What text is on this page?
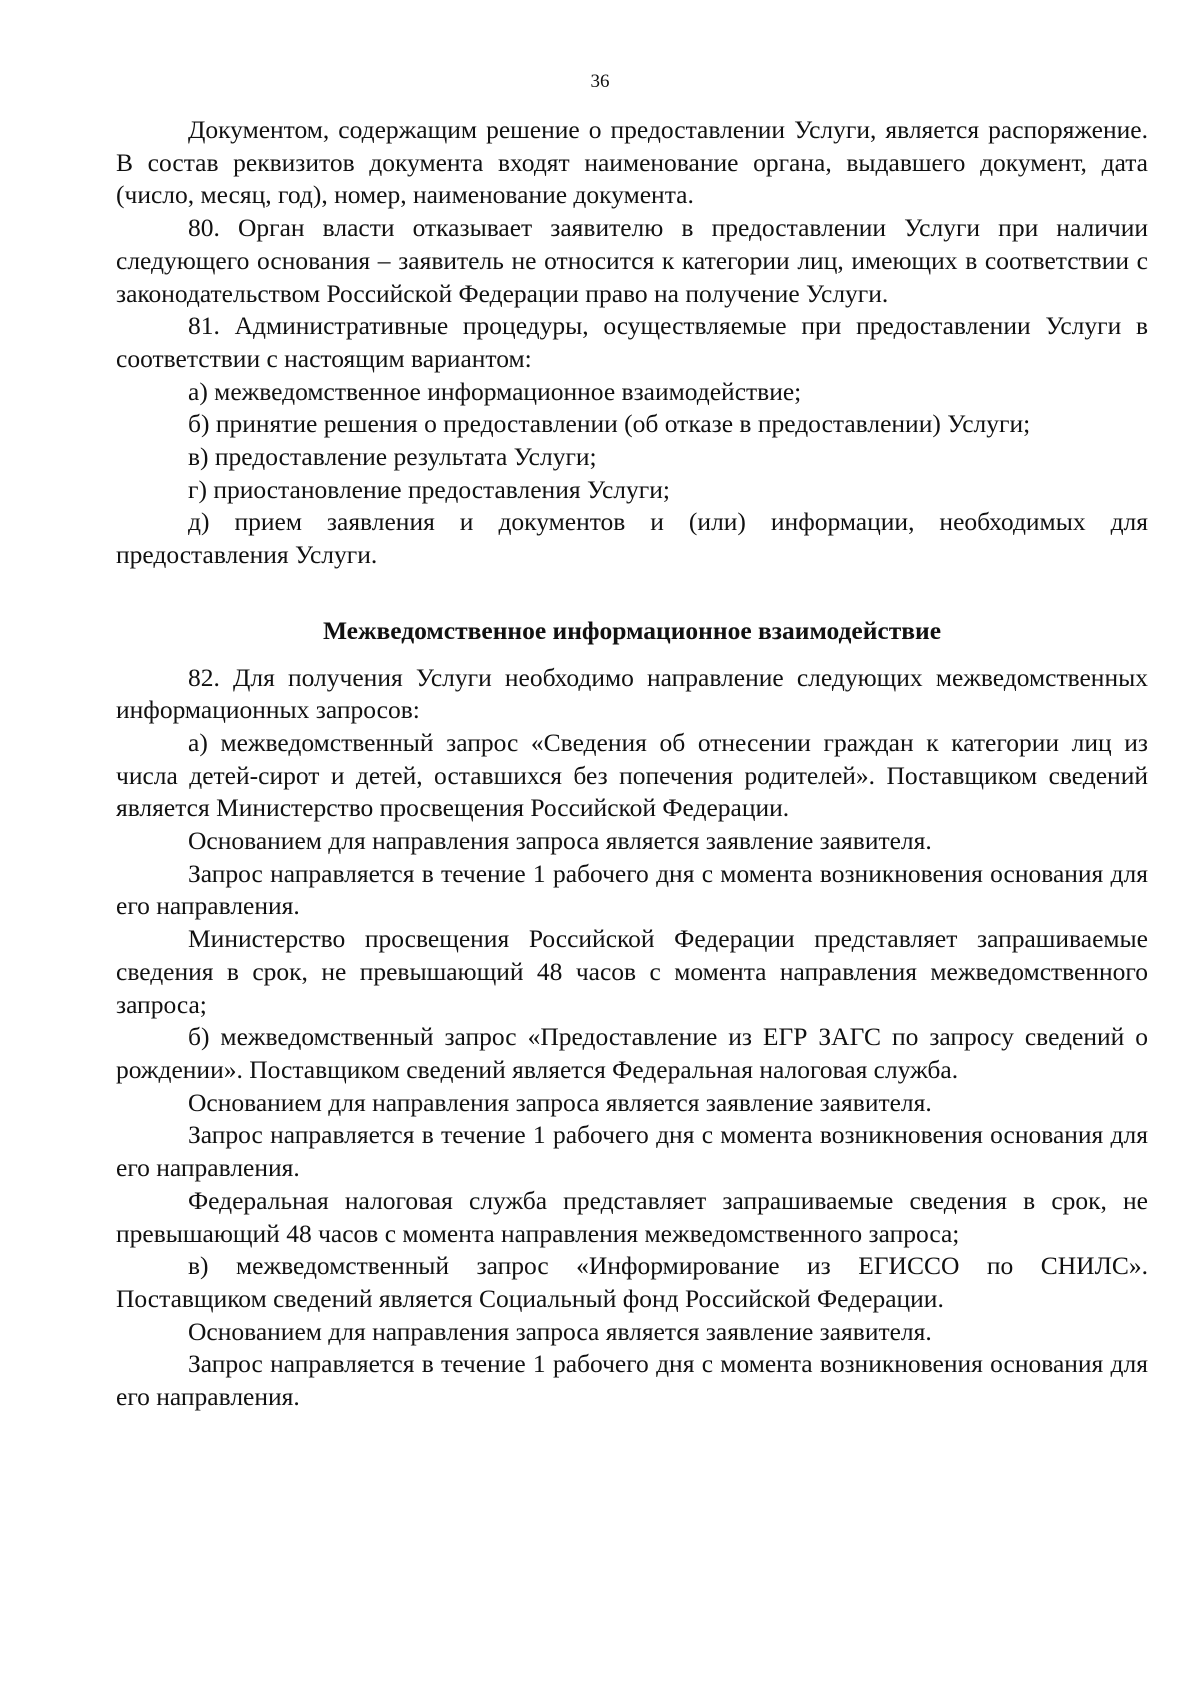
36

Документом, содержащим решение о предоставлении Услуги, является распоряжение. В состав реквизитов документа входят наименование органа, выдавшего документ, дата (число, месяц, год), номер, наименование документа.

80. Орган власти отказывает заявителю в предоставлении Услуги при наличии следующего основания – заявитель не относится к категории лиц, имеющих в соответствии с законодательством Российской Федерации право на получение Услуги.

81. Административные процедуры, осуществляемые при предоставлении Услуги в соответствии с настоящим вариантом:

а) межведомственное информационное взаимодействие;

б) принятие решения о предоставлении (об отказе в предоставлении) Услуги;

в) предоставление результата Услуги;

г) приостановление предоставления Услуги;

д) прием заявления и документов и (или) информации, необходимых для предоставления Услуги.

Межведомственное информационное взаимодействие

82. Для получения Услуги необходимо направление следующих межведомственных информационных запросов:

а) межведомственный запрос «Сведения об отнесении граждан к категории лиц из числа детей-сирот и детей, оставшихся без попечения родителей». Поставщиком сведений является Министерство просвещения Российской Федерации.

Основанием для направления запроса является заявление заявителя.

Запрос направляется в течение 1 рабочего дня с момента возникновения основания для его направления.

Министерство просвещения Российской Федерации представляет запрашиваемые сведения в срок, не превышающий 48 часов с момента направления межведомственного запроса;

б) межведомственный запрос «Предоставление из ЕГР ЗАГС по запросу сведений о рождении». Поставщиком сведений является Федеральная налоговая служба.

Основанием для направления запроса является заявление заявителя.

Запрос направляется в течение 1 рабочего дня с момента возникновения основания для его направления.

Федеральная налоговая служба представляет запрашиваемые сведения в срок, не превышающий 48 часов с момента направления межведомственного запроса;

в) межведомственный запрос «Информирование из ЕГИССО по СНИЛС». Поставщиком сведений является Социальный фонд Российской Федерации.

Основанием для направления запроса является заявление заявителя.

Запрос направляется в течение 1 рабочего дня с момента возникновения основания для его направления.
